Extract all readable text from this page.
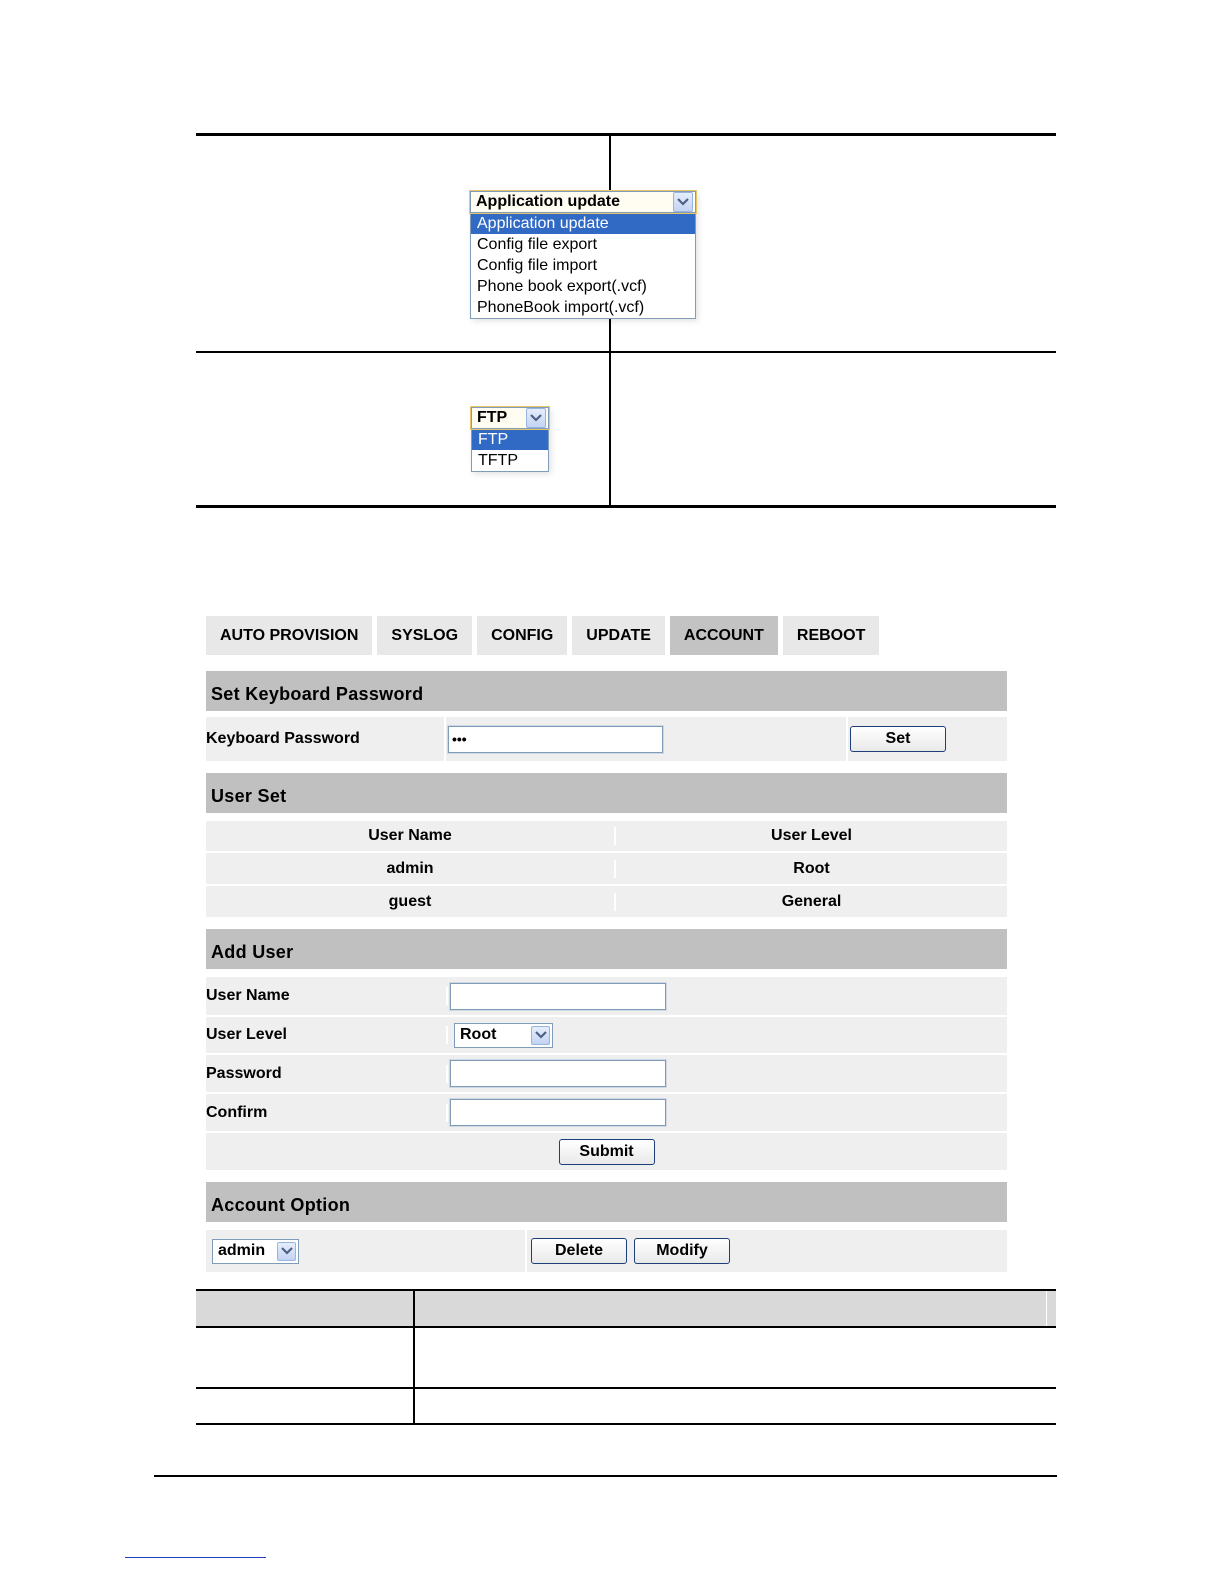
Application update
Application update
Config file export
Config file import
Phone book export(.vcf)
PhoneBook import(.vcf)
FTP
FTP
TFTP
AUTO PROVISION	SYSLOG	CONFIG	UPDATE	ACCOUNT	REBOOT
Set Keyboard Password
Keyboard Password	•••	Set
User Set
User Name	User Level
admin	Root
guest	General
Add User
User Name
User Level	Root
Password
Confirm
Submit
Account Option
admin	Delete	Modify
